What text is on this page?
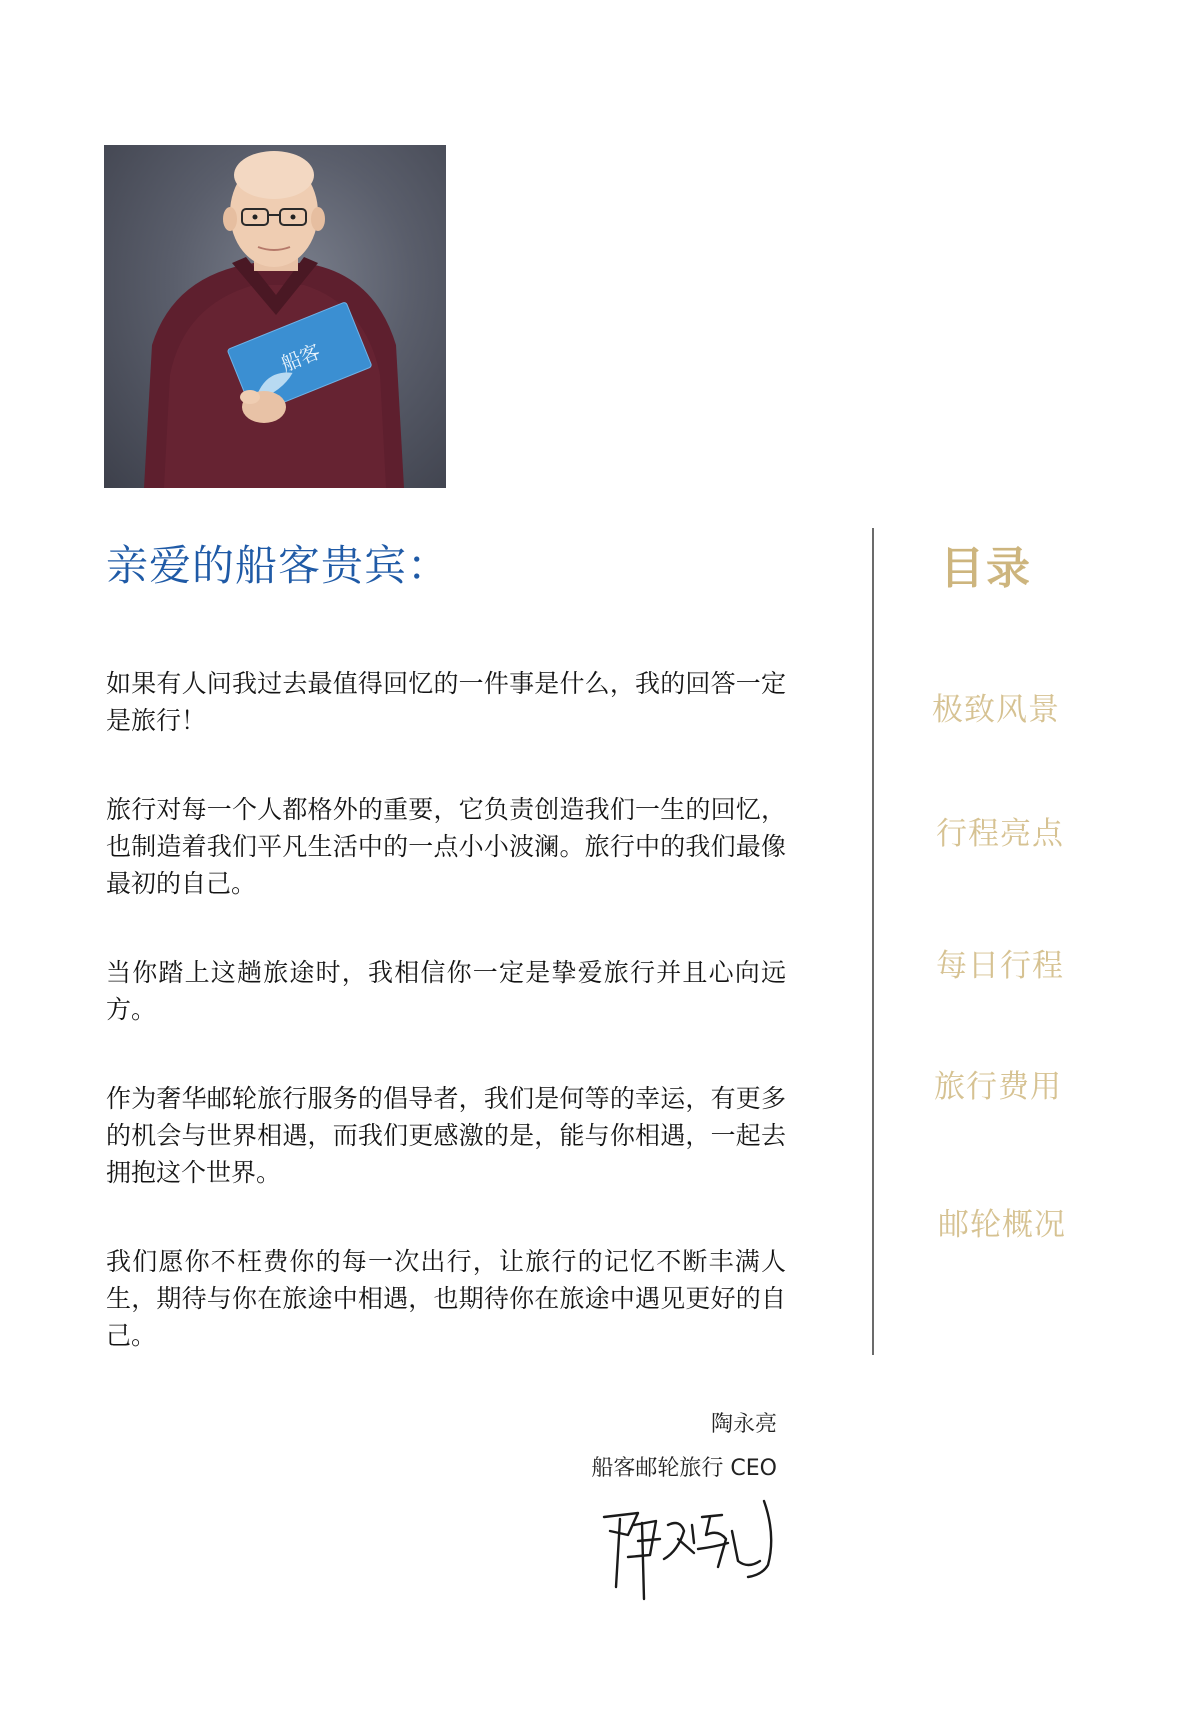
船客
亲爱的船客贵宾：

如果有人问我过去最值得回忆的一件事是什么，我的回答一定是旅行！

旅行对每一个人都格外的重要，它负责创造我们一生的回忆，也制造着我们平凡生活中的一点小小波澜。旅行中的我们最像最初的自己。

当你踏上这趟旅途时，我相信你一定是挚爱旅行并且心向远方。

作为奢华邮轮旅行服务的倡导者，我们是何等的幸运，有更多的机会与世界相遇，而我们更感激的是，能与你相遇，一起去拥抱这个世界。

我们愿你不枉费你的每一次出行，让旅行的记忆不断丰满人生，期待与你在旅途中相遇，也期待你在旅途中遇见更好的自己。

陶永亮
船客邮轮旅行 CEO
目录
极致风景
行程亮点
每日行程
旅行费用
邮轮概况
